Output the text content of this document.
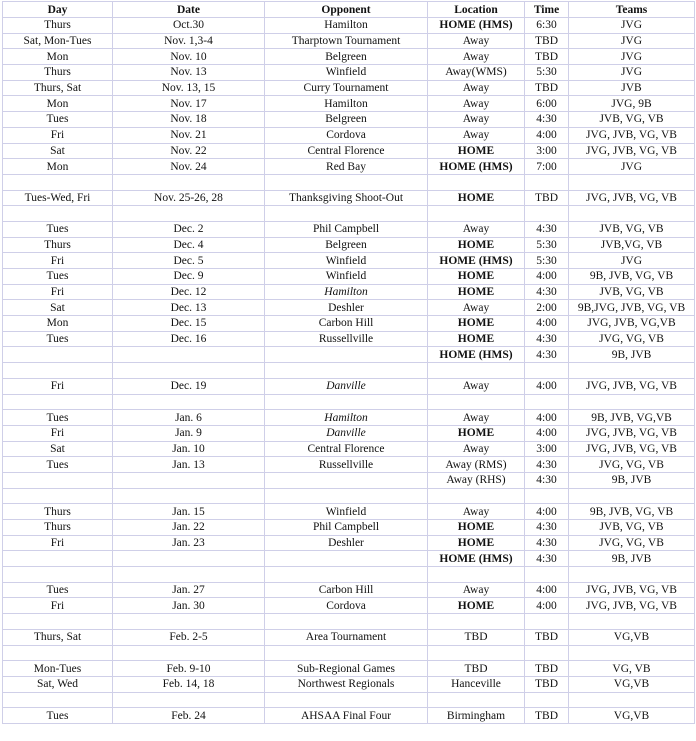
Day	Date	Opponent	Location	Time	Teams
Thurs	Oct.30	Hamilton	HOME (HMS)	6:30	JVG
Sat, Mon-Tues	Nov. 1,3-4	Tharptown Tournament	Away	TBD	JVG
Mon	Nov. 10	Belgreen	Away	TBD	JVG
Thurs	Nov. 13	Winfield	Away(WMS)	5:30	JVG
Thurs, Sat	Nov. 13, 15	Curry Tournament	Away	TBD	JVB
Mon	Nov. 17	Hamilton	Away	6:00	JVG, 9B
Tues	Nov. 18	Belgreen	Away	4:30	JVB, VG, VB
Fri	Nov. 21	Cordova	Away	4:00	JVG, JVB, VG, VB
Sat	Nov. 22	Central Florence	HOME	3:00	JVG, JVB, VG, VB
Mon	Nov. 24	Red Bay	HOME (HMS)	7:00	JVG

Tues-Wed, Fri	Nov. 25-26, 28	Thanksgiving Shoot-Out	HOME	TBD	JVG, JVB, VG, VB

Tues	Dec. 2	Phil Campbell	Away	4:30	JVB, VG, VB
Thurs	Dec. 4	Belgreen	HOME	5:30	JVB,VG, VB
Fri	Dec. 5	Winfield	HOME (HMS)	5:30	JVG
Tues	Dec. 9	Winfield	HOME	4:00	9B, JVB, VG, VB
Fri	Dec. 12	Hamilton	HOME	4:30	JVB, VG, VB
Sat	Dec. 13	Deshler	Away	2:00	9B,JVG, JVB, VG, VB
Mon	Dec. 15	Carbon Hill	HOME	4:00	JVG, JVB, VG,VB
Tues	Dec. 16	Russellville	HOME	4:30	JVG, VG, VB
			HOME (HMS)	4:30	9B, JVB

Fri	Dec. 19	Danville	Away	4:00	JVG, JVB, VG, VB

Tues	Jan. 6	Hamilton	Away	4:00	9B, JVB, VG,VB
Fri	Jan. 9	Danville	HOME	4:00	JVG, JVB, VG, VB
Sat	Jan. 10	Central Florence	Away	3:00	JVG, JVB, VG, VB
Tues	Jan. 13	Russellville	Away (RMS)	4:30	JVG, VG, VB
			Away (RHS)	4:30	9B, JVB

Thurs	Jan. 15	Winfield	Away	4:00	9B, JVB, VG, VB
Thurs	Jan. 22	Phil Campbell	HOME	4:30	JVB, VG, VB
Fri	Jan. 23	Deshler	HOME	4:30	JVG, VG, VB
			HOME (HMS)	4:30	9B, JVB

Tues	Jan. 27	Carbon Hill	Away	4:00	JVG, JVB, VG, VB
Fri	Jan. 30	Cordova	HOME	4:00	JVG, JVB, VG, VB

Thurs, Sat	Feb. 2-5	Area Tournament	TBD	TBD	VG,VB

Mon-Tues	Feb. 9-10	Sub-Regional Games	TBD	TBD	VG, VB
Sat, Wed	Feb. 14, 18	Northwest Regionals	Hanceville	TBD	VG,VB

Tues	Feb. 24	AHSAA Final Four	Birmingham	TBD	VG,VB
